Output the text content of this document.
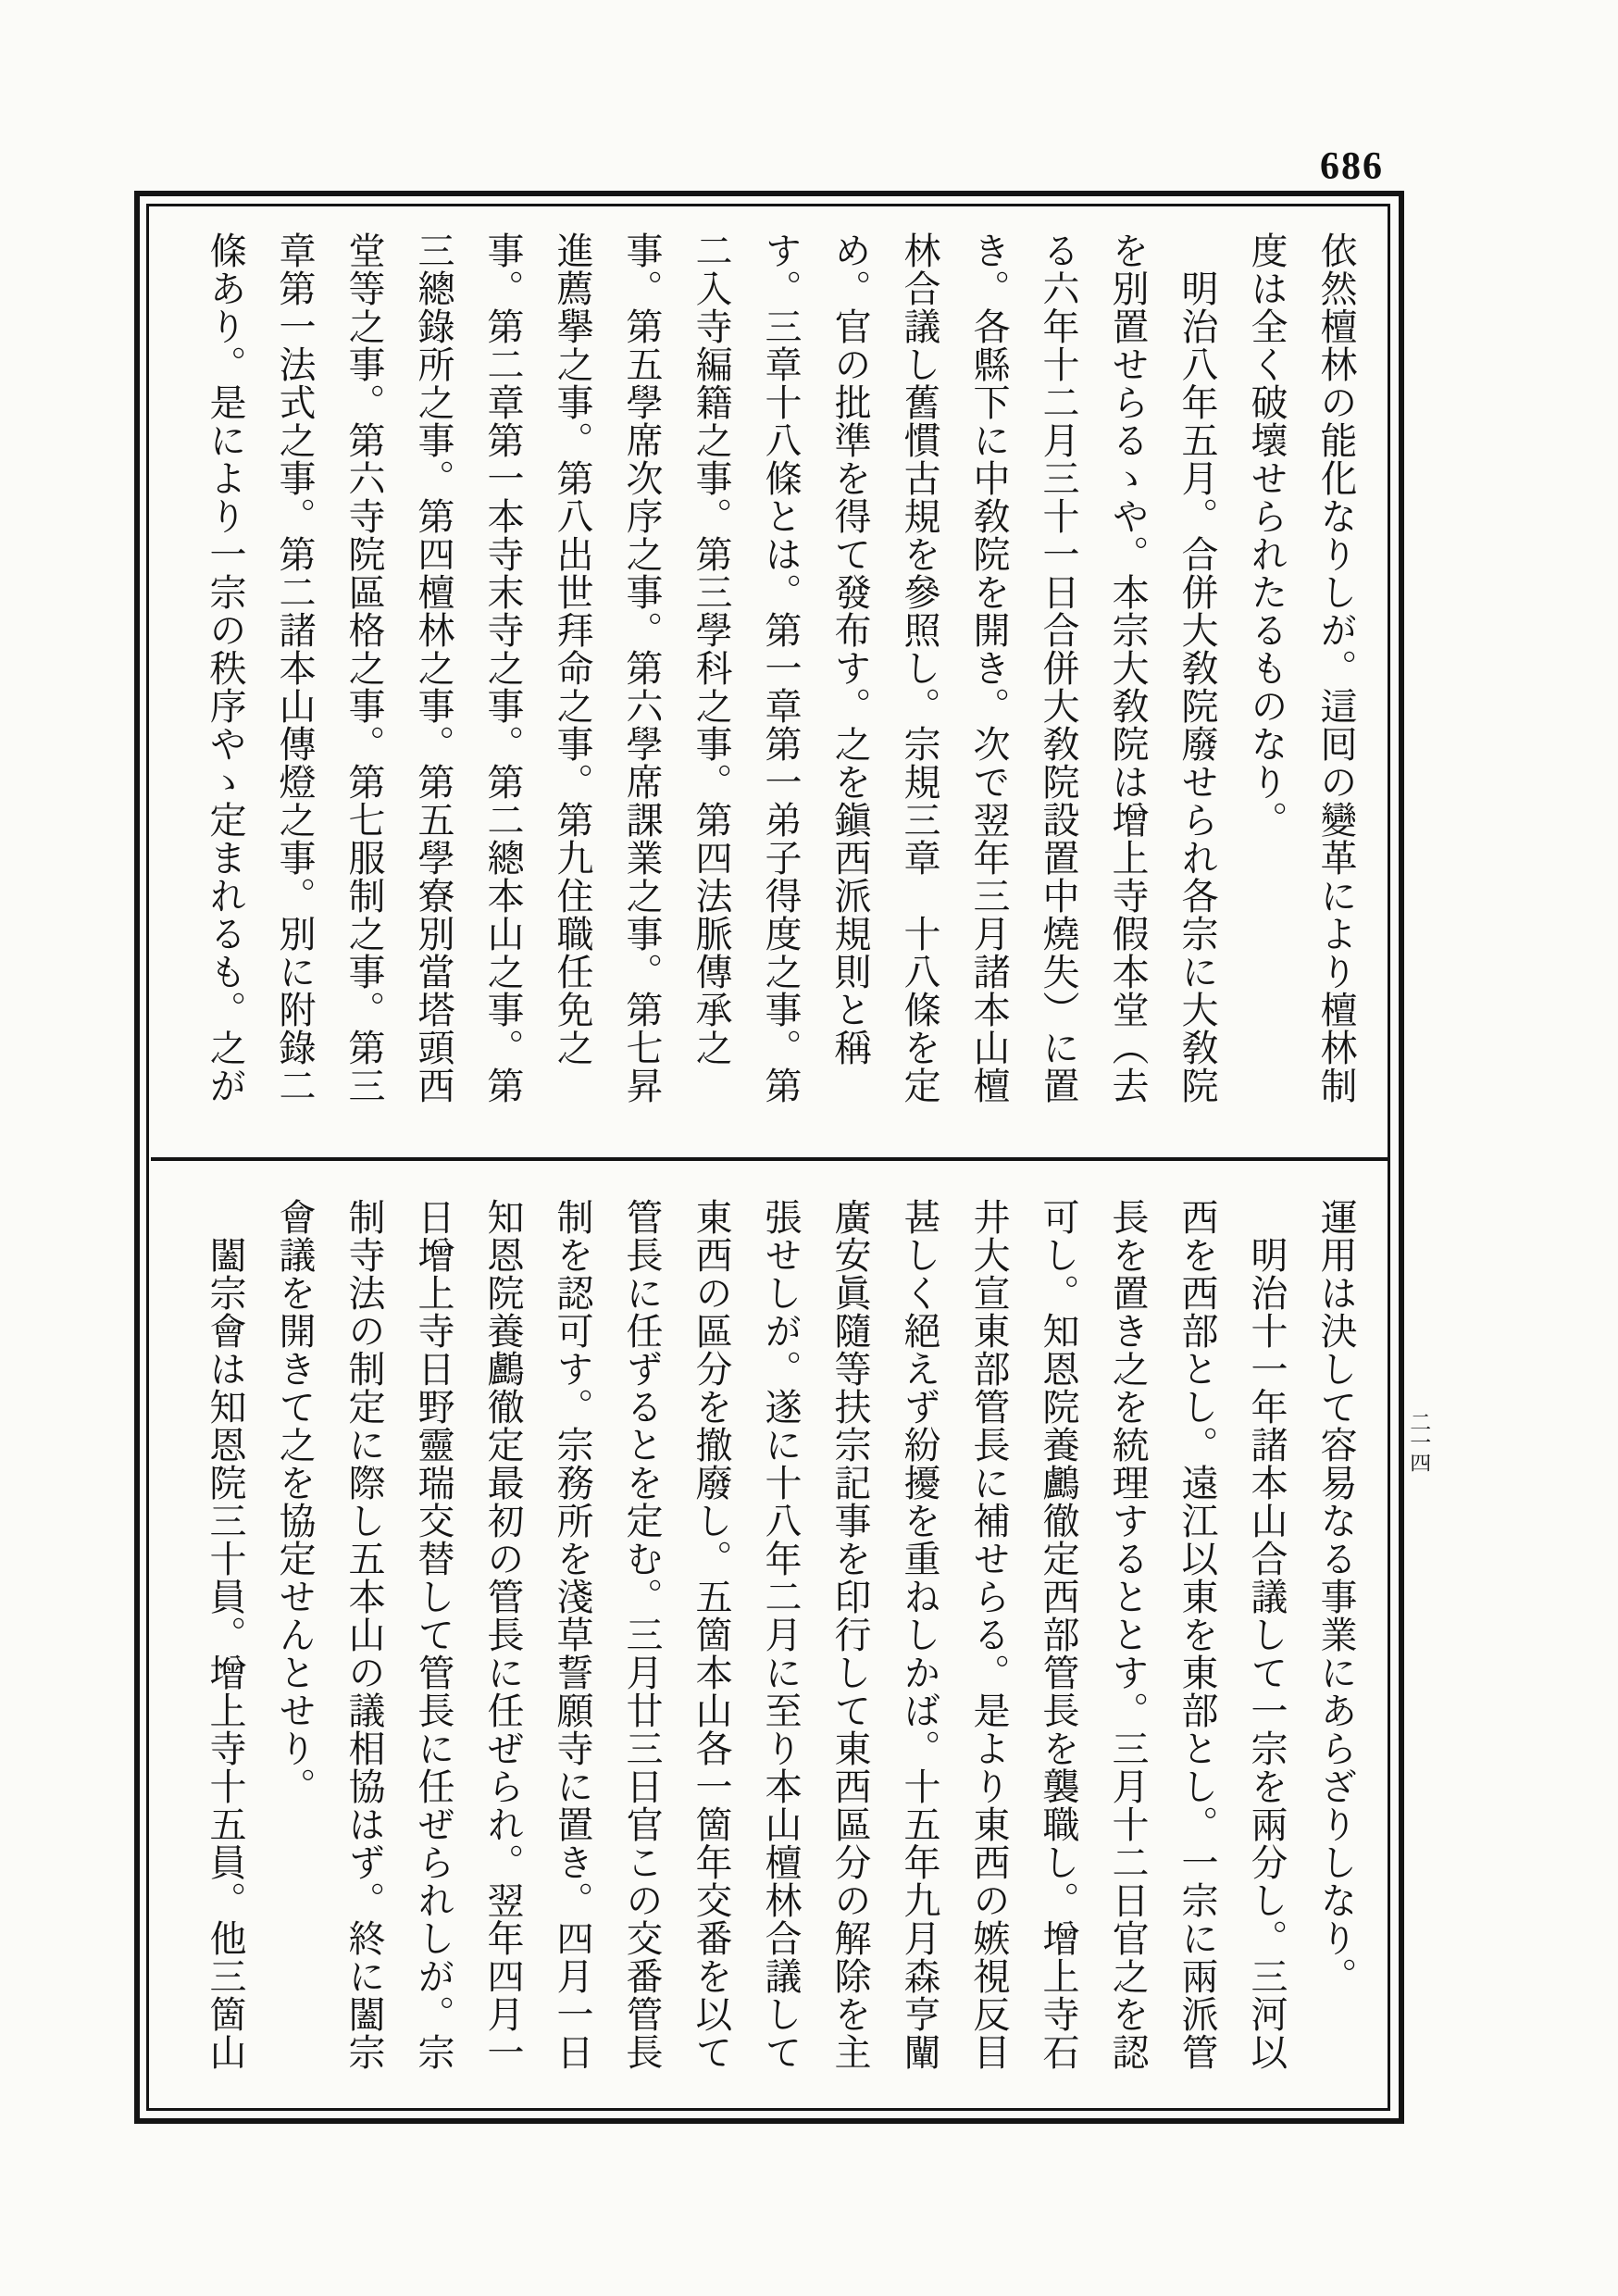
686
二一四
依然檀林の能化なりしが。這囘の變革により檀林制
度は全く破壞せられたるものなり。
　明治八年五月。合併大敎院廢せられ各宗に大敎院
を別置せらるゝや。本宗大敎院は增上寺假本堂（去
る六年十二月三十一日合併大敎院設置中燒失）に置
き。各縣下に中敎院を開き。次で翌年三月諸本山檀
林合議し舊慣古規を參照し。宗規三章　十八條を定
め。官の批準を得て發布す。之を鎭西派規則と稱
す。三章十八條とは。第一章第一弟子得度之事。第
二入寺編籍之事。第三學科之事。第四法脈傳承之
事。第五學席次序之事。第六學席課業之事。第七昇
進薦擧之事。第八出世拜命之事。第九住職任免之
事。第二章第一本寺末寺之事。第二總本山之事。第
三總錄所之事。第四檀林之事。第五學寮別當塔頭西
堂等之事。第六寺院區格之事。第七服制之事。第三
章第一法式之事。第二諸本山傳燈之事。別に附錄二
條あり。是により一宗の秩序やゝ定まれるも。之が
運用は決して容易なる事業にあらざりしなり。
　明治十一年諸本山合議して一宗を兩分し。三河以
西を西部とし。遠江以東を東部とし。一宗に兩派管
長を置き之を統理するととす。三月十二日官之を認
可し。知恩院養鸕徹定西部管長を襲職し。增上寺石
井大宣東部管長に補せらる。是より東西の嫉視反目
甚しく絕えず紛擾を重ねしかば。十五年九月森亨闡
廣安眞隨等扶宗記事を印行して東西區分の解除を主
張せしが。遂に十八年二月に至り本山檀林合議して
東西の區分を撤廢し。五箇本山各一箇年交番を以て
管長に任ずるとを定む。三月廿三日官この交番管長
制を認可す。宗務所を淺草誓願寺に置き。四月一日
知恩院養鸕徹定最初の管長に任ぜられ。翌年四月一
日增上寺日野靈瑞交替して管長に任ぜられしが。宗
制寺法の制定に際し五本山の議相協はず。終に闔宗
會議を開きて之を協定せんとせり。
　闔宗會は知恩院三十員。增上寺十五員。他三箇山
